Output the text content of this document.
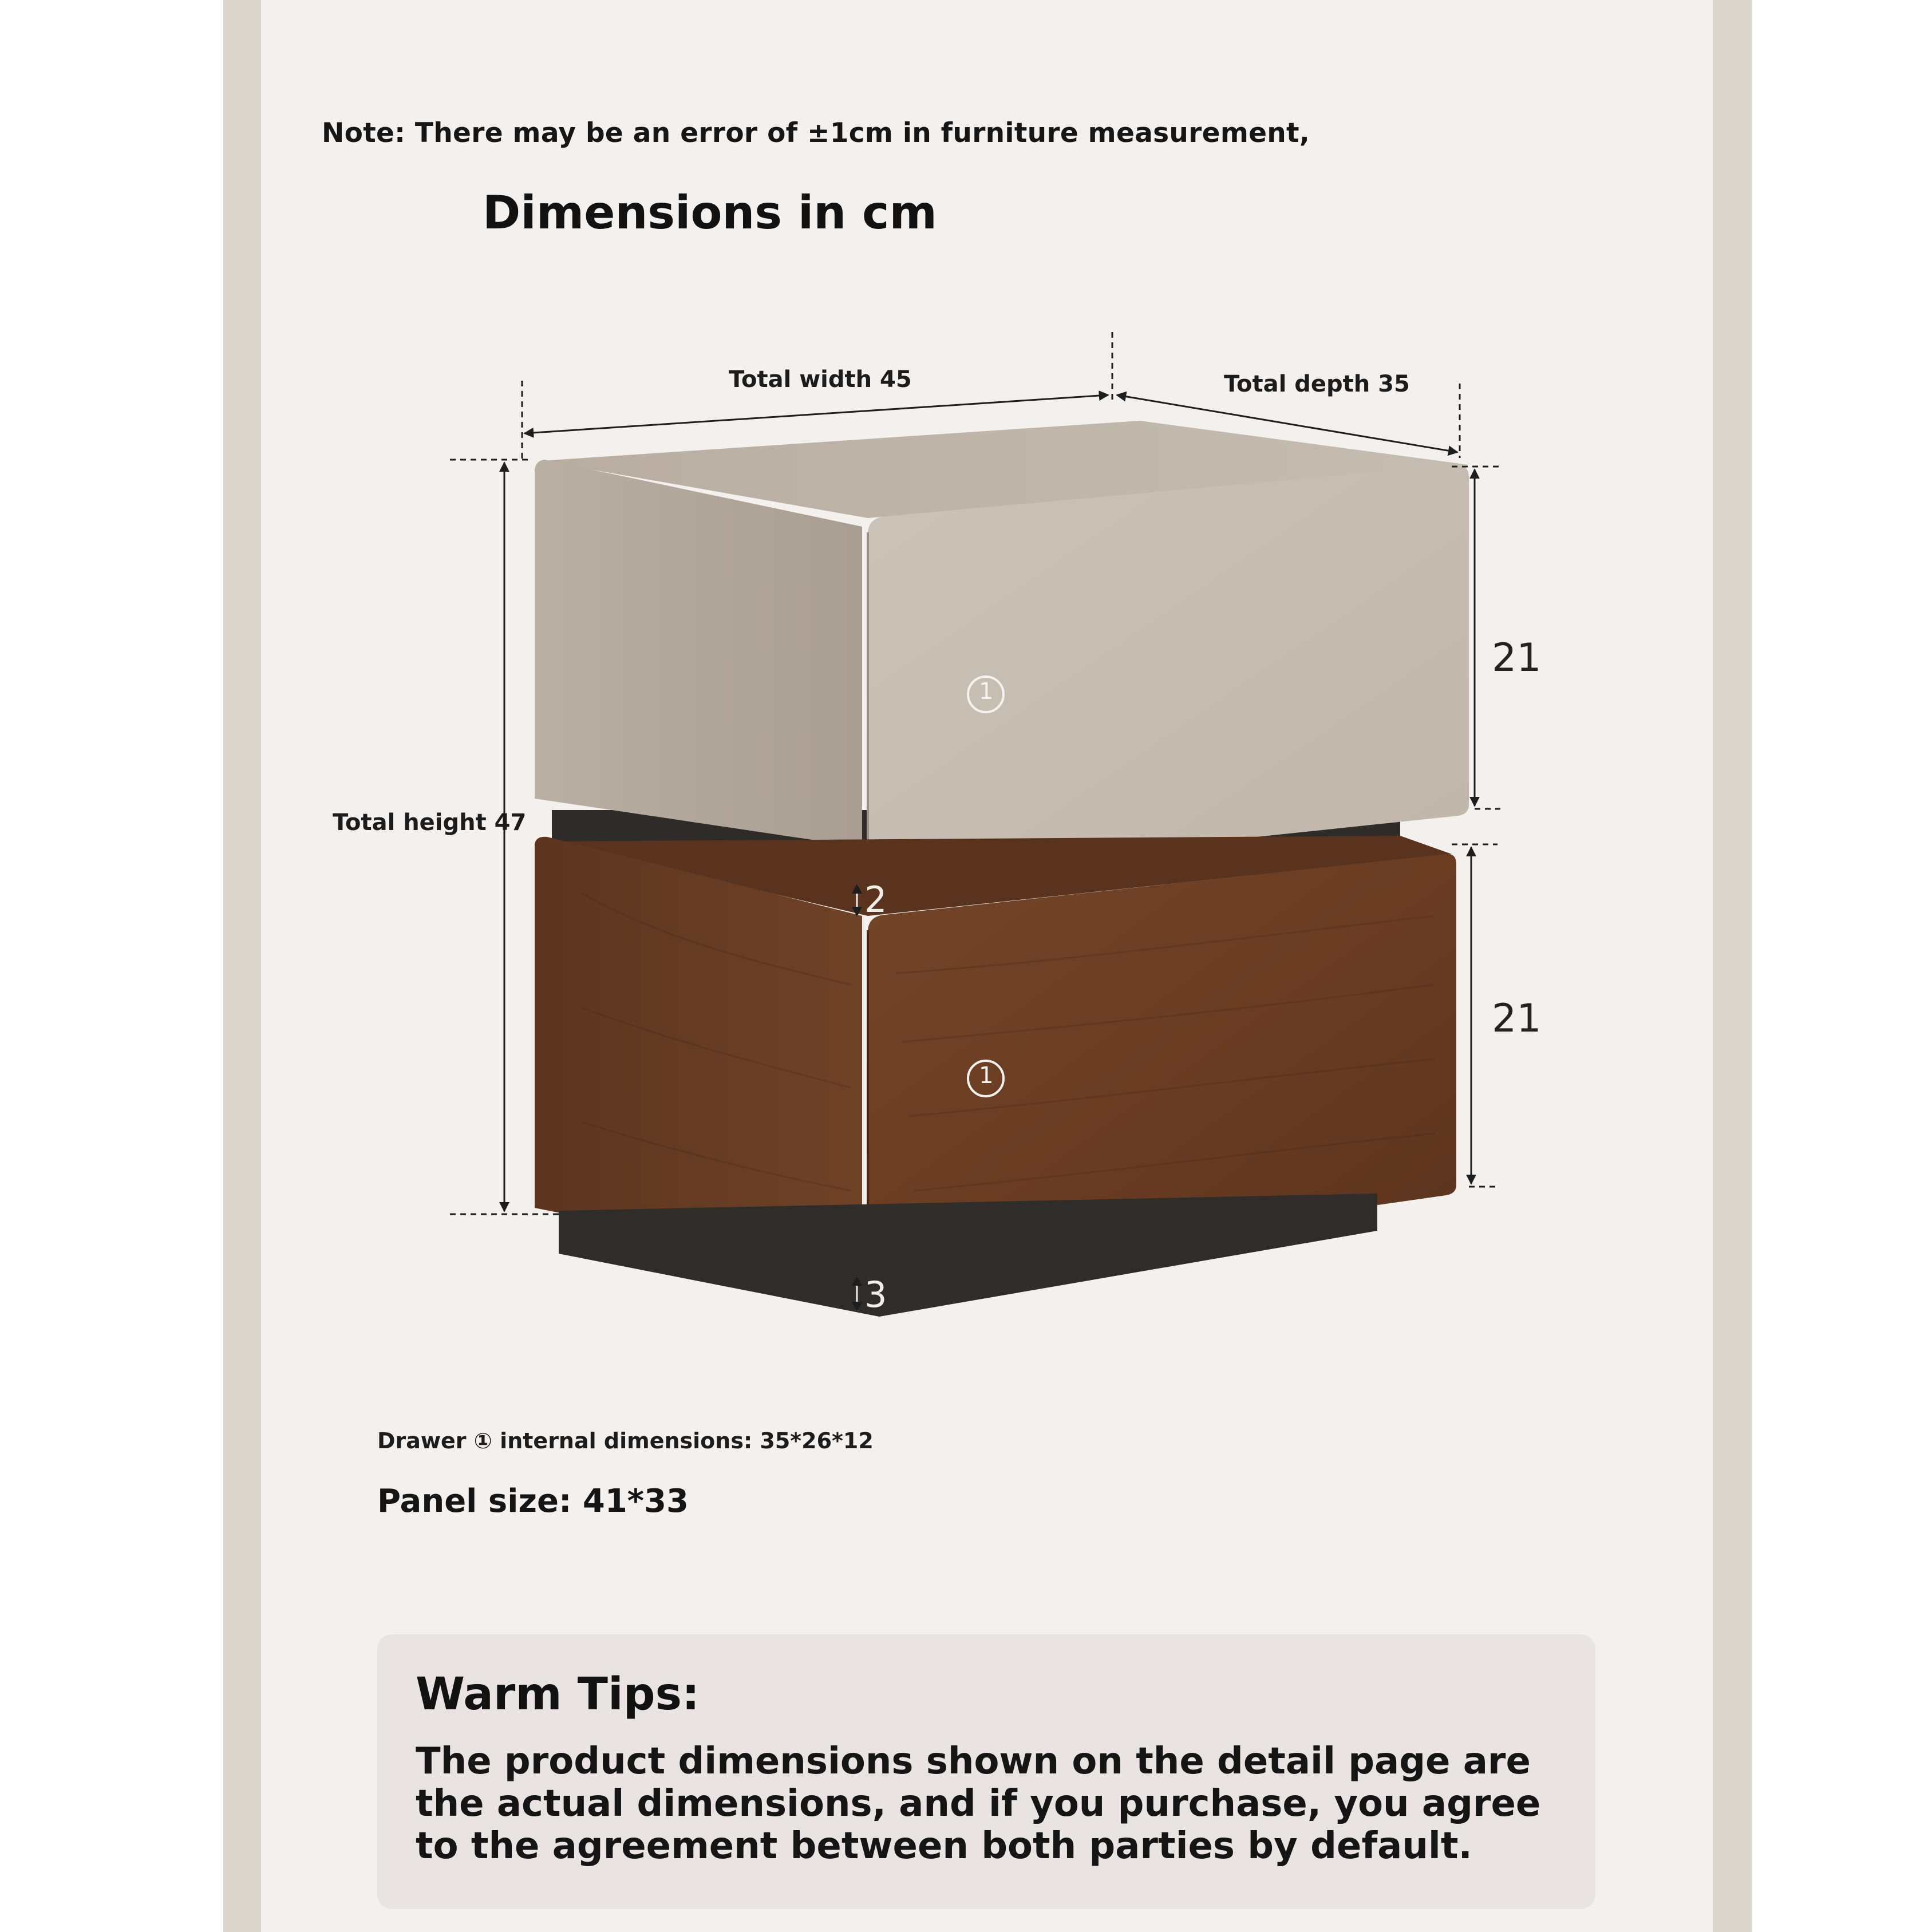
Note: There may be an error of ±1cm in furniture measurement,
Dimensions in cm
Total width 45	Total depth 35
Total height 47
21
21
2
3
1
1
Drawer ① internal dimensions: 35*26*12
Panel size: 41*33
Warm Tips:
The product dimensions shown on the detail page are the actual dimensions, and if you purchase, you agree to the agreement between both parties by default.
